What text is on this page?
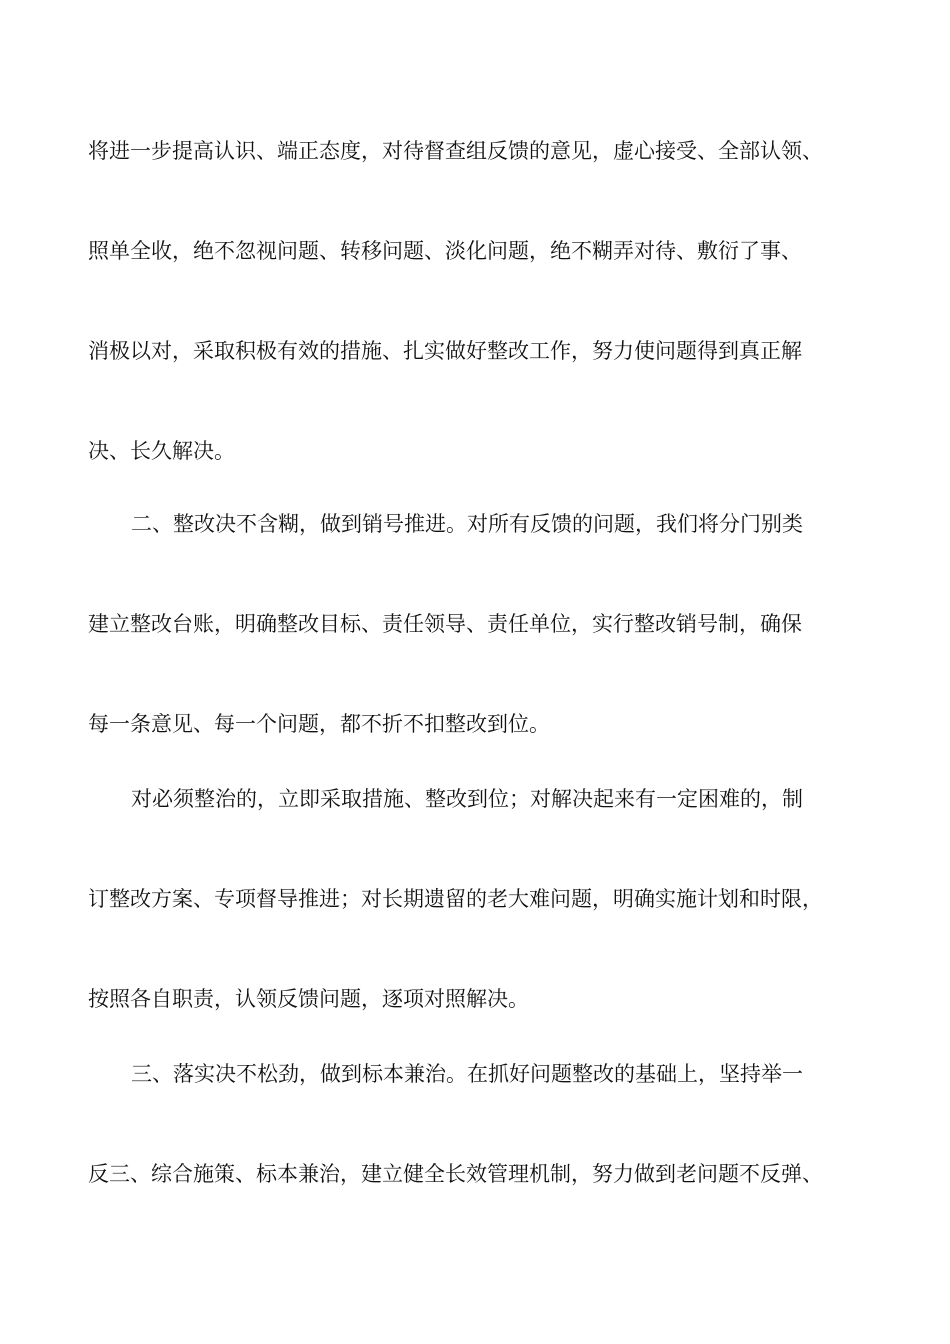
将进一步提高认识、端正态度，对待督查组反馈的意见，虚心接受、全部认领、
照单全收，绝不忽视问题、转移问题、淡化问题，绝不糊弄对待、敷衍了事、
消极以对，采取积极有效的措施、扎实做好整改工作，努力使问题得到真正解
决、长久解决。
二、整改决不含糊，做到销号推进。对所有反馈的问题，我们将分门别类
建立整改台账，明确整改目标、责任领导、责任单位，实行整改销号制，确保
每一条意见、每一个问题，都不折不扣整改到位。
对必须整治的，立即采取措施、整改到位；对解决起来有一定困难的，制
订整改方案、专项督导推进；对长期遗留的老大难问题，明确实施计划和时限，
按照各自职责，认领反馈问题，逐项对照解决。
三、落实决不松劲，做到标本兼治。在抓好问题整改的基础上，坚持举一
反三、综合施策、标本兼治，建立健全长效管理机制，努力做到老问题不反弹、
